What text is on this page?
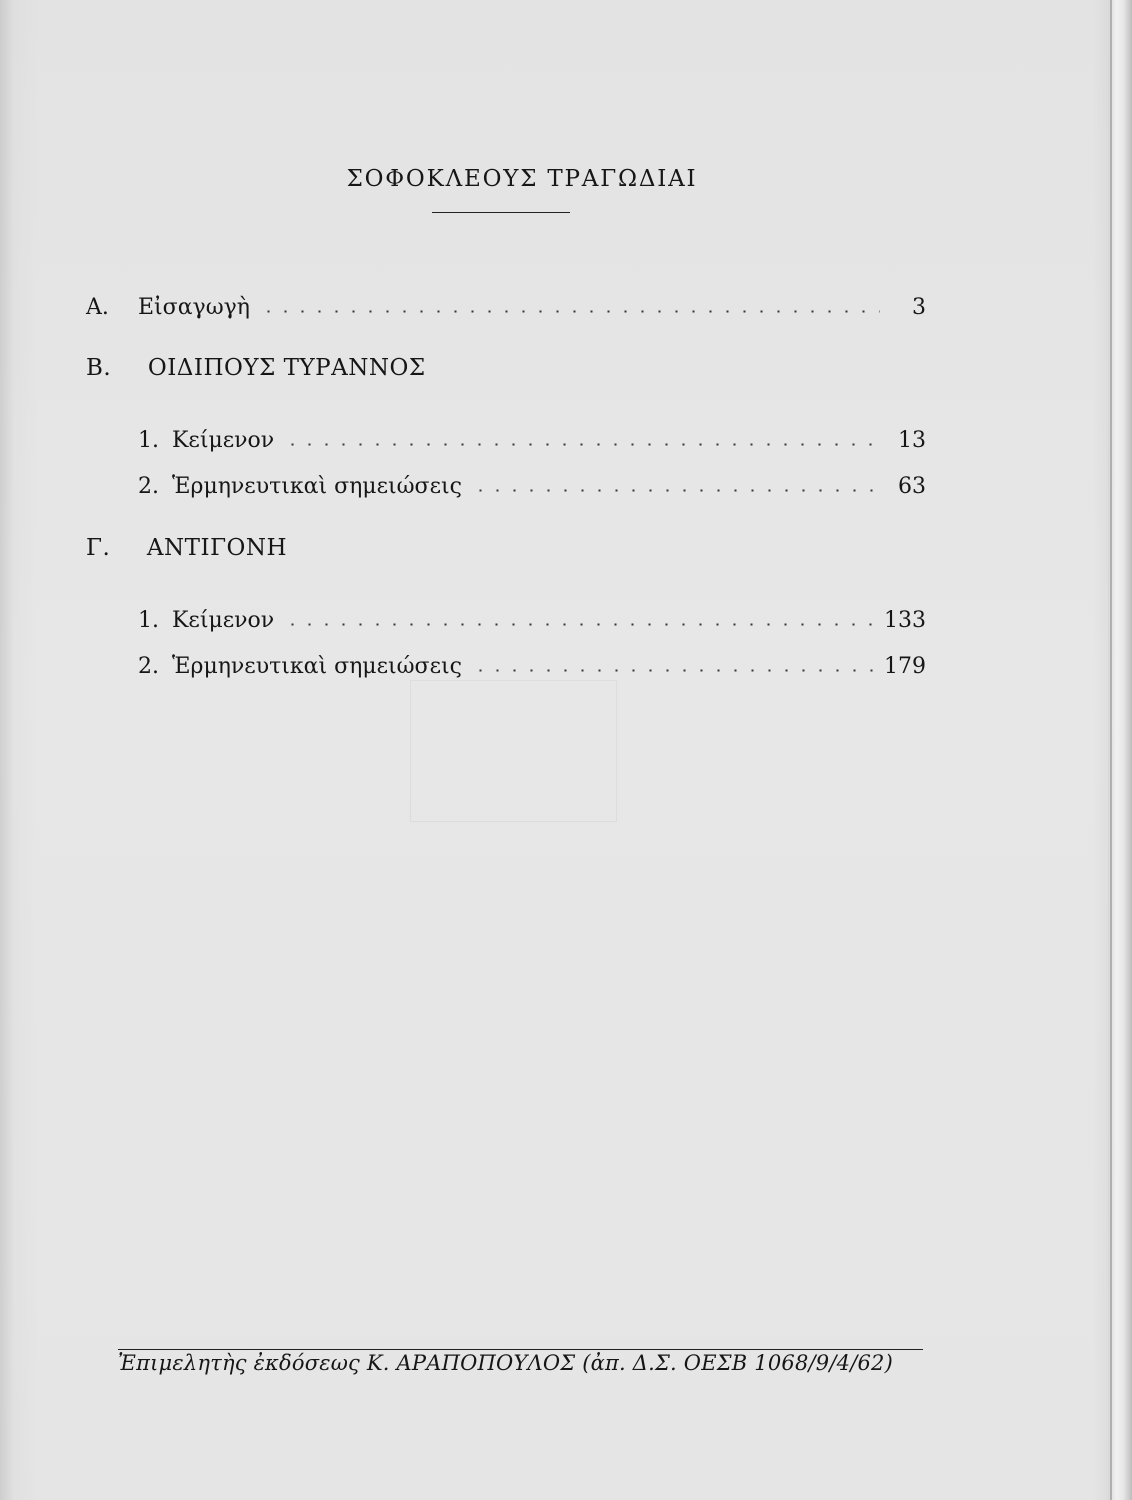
ΣΟΦΟΚΛΕΟΥΣ ΤΡΑΓΩΔΙΑΙ
Α.	Εἰσαγωγὴ	3
Β. ΟΙΔΙΠΟΥΣ ΤΥΡΑΝΝΟΣ
1. Κείμενον	13
2. Ἑρμηνευτικαὶ σημειώσεις	63
Γ. ΑΝΤΙΓΟΝΗ
1. Κείμενον	133
2. Ἑρμηνευτικαὶ σημειώσεις	179
Ἐπιμελητὴς ἐκδόσεως Κ. ΑΡΑΠΟΠΟΥΛΟΣ (ἀπ. Δ.Σ. ΟΕΣΒ 1068/9/4/62)
